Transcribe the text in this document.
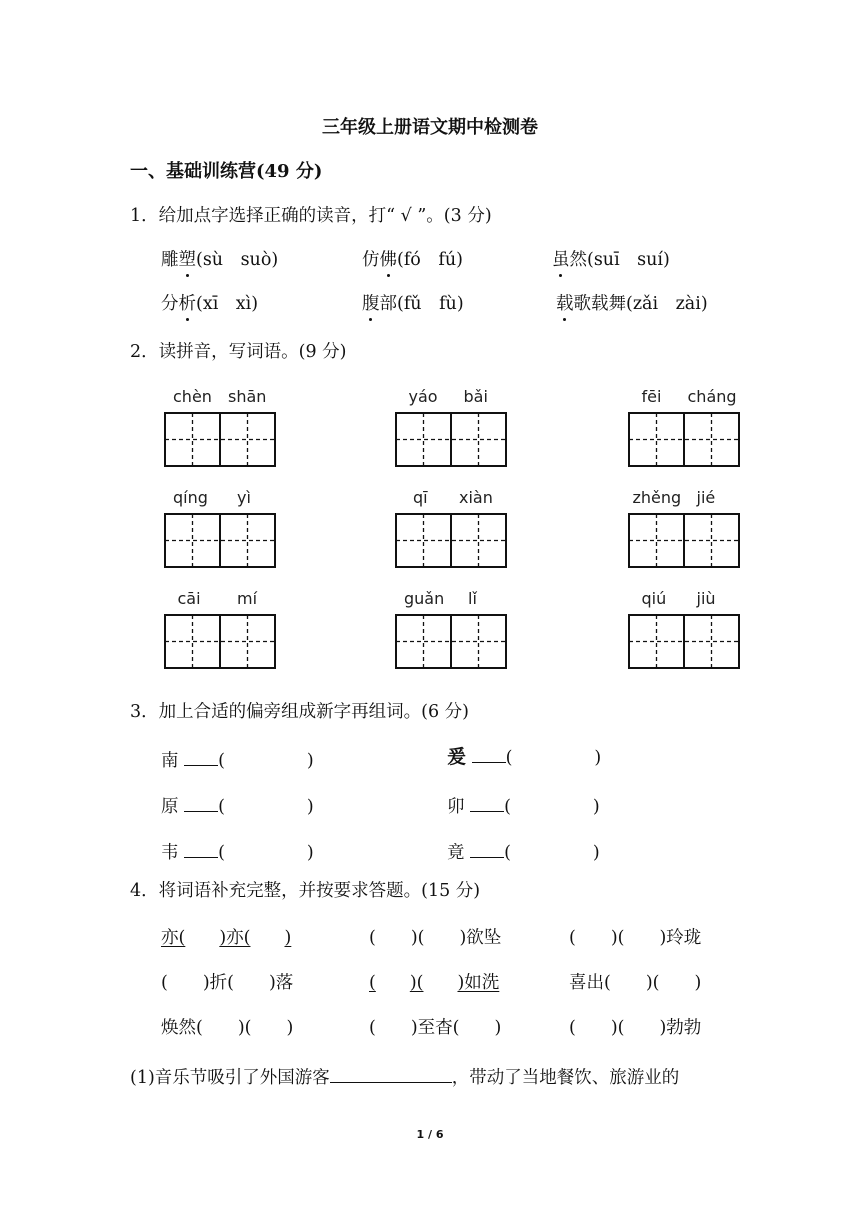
三年级上册语文期中检测卷
一、基础训练营(49 分)
1．给加点字选择正确的读音，打“ √ ”。(3 分)
雕塑(sù　suò)	仿佛(fó　fú)	虽然(suī　suí)
分析(xī　xì)	腹部(fǔ　fù)	载歌载舞(zǎi　zài)
2．读拼音，写词语。(9 分)
chèn shān	yáo bǎi	fēi cháng
qíng yì	qī xiàn	zhěng jié
cāi mí	guǎn lǐ	qiú jiù
3．加上合适的偏旁组成新字再组词。(6 分)
南 (	)	爰 (	)
原 (	)	卯 (	)
韦 (	)	竟 (	)
4．将词语补充完整，并按要求答题。(15 分)
亦( )亦( )	(　　)(　　)欲坠	(　　)(　　)玲珑
(　　)折(　　)落	( )( )如洗	喜出(　　)(　　)
焕然(　　)(　　)	(　　)至杳(　　)	(　　)(　　)勃勃
(1)音乐节吸引了外国游客	，带动了当地餐饮、旅游业的
1 / 6
